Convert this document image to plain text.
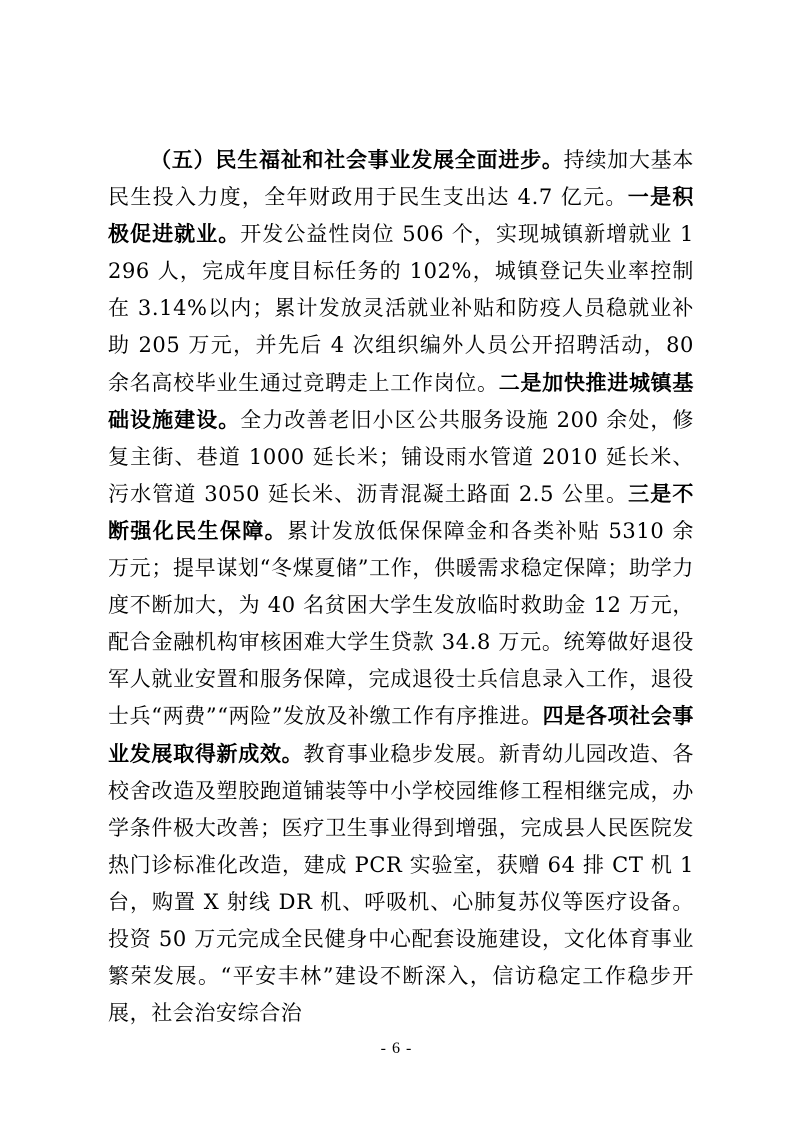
（五）民生福祉和社会事业发展全面进步。持续加大基本民生投入力度，全年财政用于民生支出达 4.7 亿元。一是积极促进就业。开发公益性岗位 506 个，实现城镇新增就业 1296 人，完成年度目标任务的 102%，城镇登记失业率控制在 3.14%以内；累计发放灵活就业补贴和防疫人员稳就业补助 205 万元，并先后 4 次组织编外人员公开招聘活动，80 余名高校毕业生通过竞聘走上工作岗位。二是加快推进城镇基础设施建设。全力改善老旧小区公共服务设施 200 余处，修复主街、巷道 1000 延长米；铺设雨水管道 2010 延长米、污水管道 3050 延长米、沥青混凝土路面 2.5 公里。三是不断强化民生保障。累计发放低保保障金和各类补贴 5310 余万元；提早谋划“冬煤夏储”工作，供暖需求稳定保障；助学力度不断加大，为 40 名贫困大学生发放临时救助金 12 万元，配合金融机构审核困难大学生贷款 34.8 万元。统筹做好退役军人就业安置和服务保障，完成退役士兵信息录入工作，退役士兵“两费”“两险”发放及补缴工作有序推进。四是各项社会事业发展取得新成效。教育事业稳步发展。新青幼儿园改造、各校舍改造及塑胶跑道铺装等中小学校园维修工程相继完成，办学条件极大改善；医疗卫生事业得到增强，完成县人民医院发热门诊标准化改造，建成 PCR 实验室，获赠 64 排 CT 机 1 台，购置 X 射线 DR 机、呼吸机、心肺复苏仪等医疗设备。投资 50 万元完成全民健身中心配套设施建设，文化体育事业繁荣发展。“平安丰林”建设不断深入，信访稳定工作稳步开展，社会治安综合治

- 6 -
